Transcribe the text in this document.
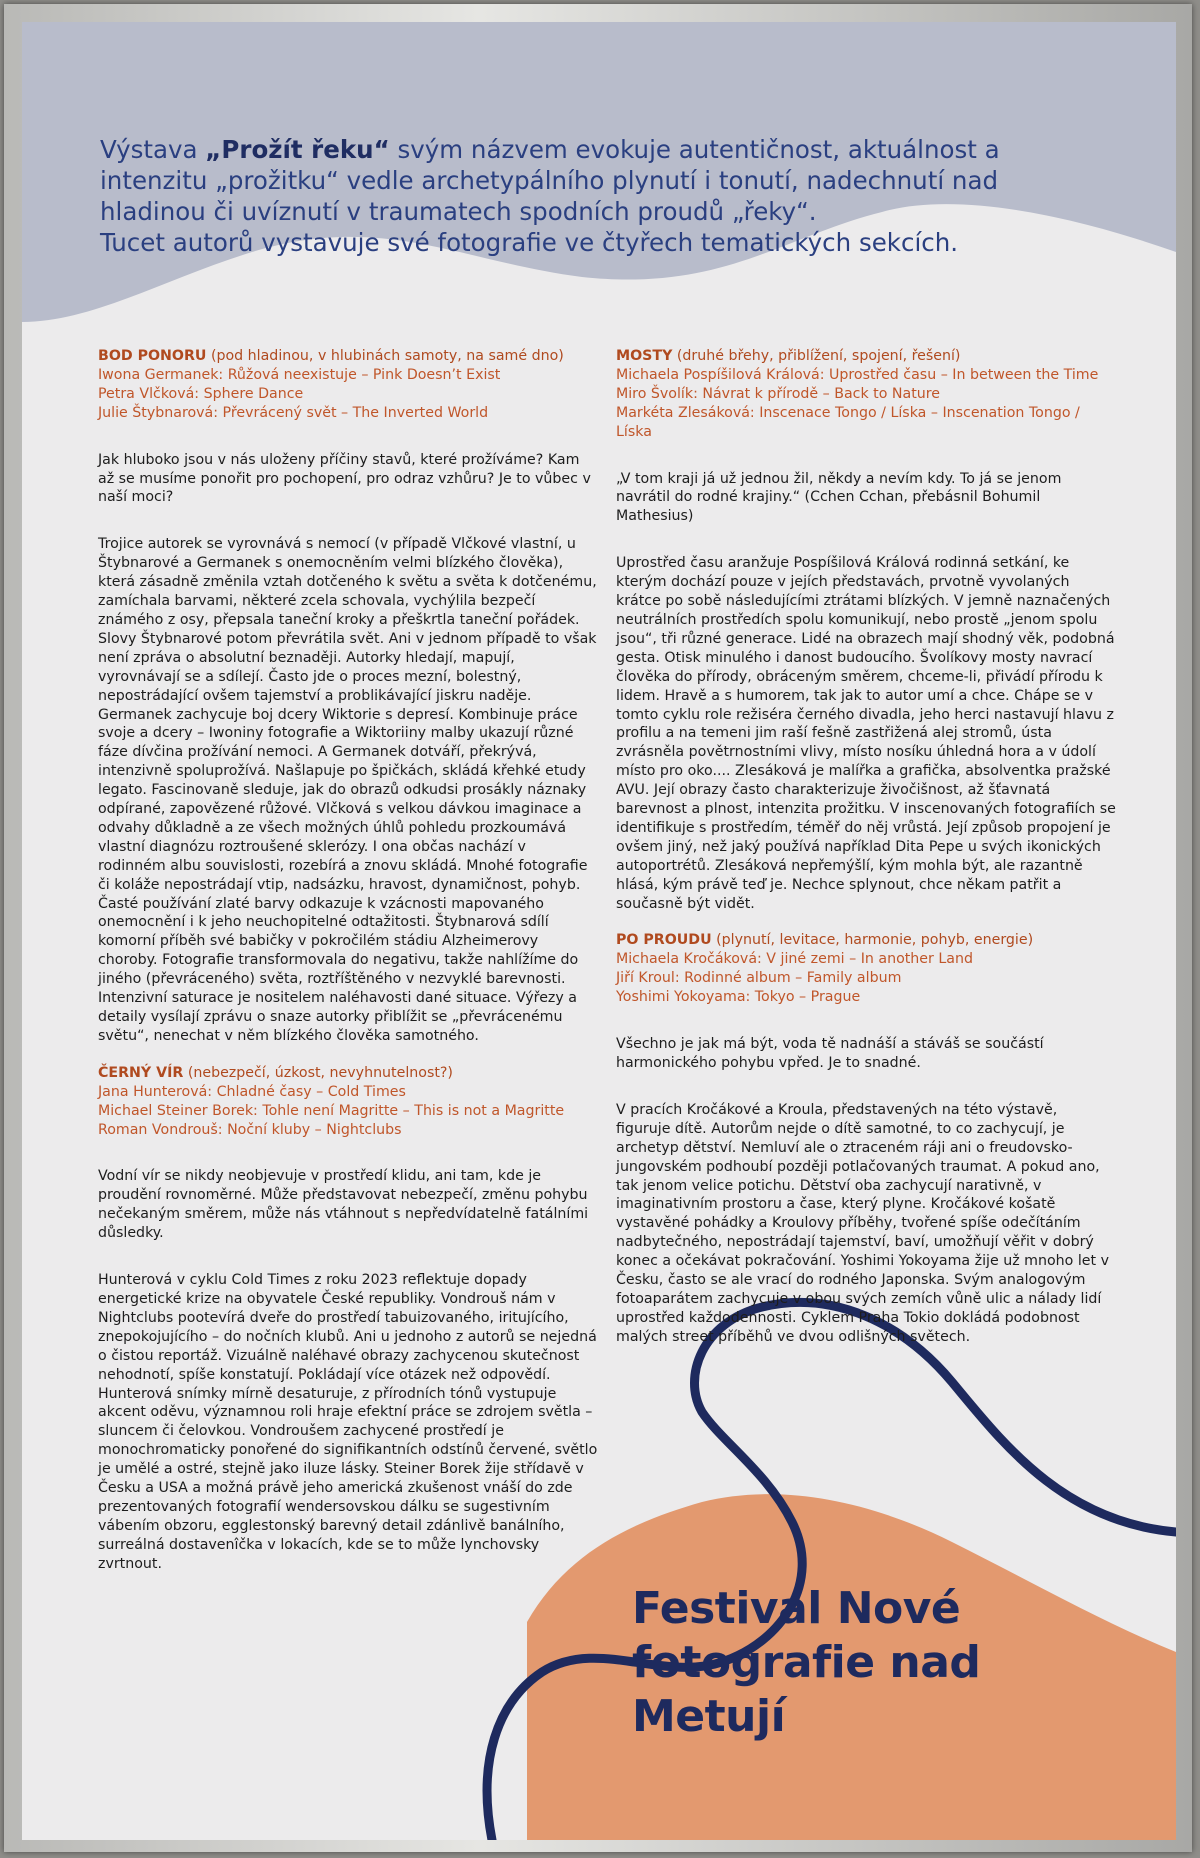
Výstava „Prožít řeku“ svým názvem evokuje autentičnost, aktuálnost a intenzitu „prožitku“ vedle archetypálního plynutí i tonutí, nadechnutí nad hladinou či uvíznutí v traumatech spodních proudů „řeky“.

Tucet autorů vystavuje své fotografie ve čtyřech tematických sekcích.

BOD PONORU (pod hladinou, v hlubinách samoty, na samé dno)

Iwona Germanek: Růžová neexistuje – Pink Doesn’t Exist

Petra Vlčková: Sphere Dance

Julie Štybnarová: Převrácený svět – The Inverted World

Jak hluboko jsou v nás uloženy příčiny stavů, které prožíváme? Kam až se musíme ponořit pro pochopení, pro odraz vzhůru? Je to vůbec v naší moci?

Trojice autorek se vyrovnává s nemocí (v případě Vlčkové vlastní, u Štybnarové a Germanek s onemocněním velmi blízkého člověka), která zásadně změnila vztah dotčeného k světu a světa k dotčenému, zamíchala barvami, některé zcela schovala, vychýlila bezpečí známého z osy, přepsala taneční kroky a přeškrtla taneční pořádek. Slovy Štybnarové potom převrátila svět. Ani v jednom případě to však není zpráva o absolutní beznaději. Autorky hledají, mapují, vyrovnávají se a sdílejí. Často jde o proces mezní, bolestný, nepostrádající ovšem tajemství a problikávající jiskru naděje. Germanek zachycuje boj dcery Wiktorie s depresí. Kombinuje práce svoje a dcery – Iwoniny fotografie a Wiktoriiny malby ukazují různé fáze dívčina prožívání nemoci. A Germanek dotváří, překrývá, intenzivně spoluprožívá. Našlapuje po špičkách, skládá křehké etudy legato. Fascinovaně sleduje, jak do obrazů odkudsi prosákly náznaky odpírané, zapovězené růžové. Vlčková s velkou dávkou imaginace a odvahy důkladně a ze všech možných úhlů pohledu prozkoumává vlastní diagnózu roztroušené sklerózy. I ona občas nachází v rodinném albu souvislosti, rozebírá a znovu skládá. Mnohé fotografie či koláže nepostrádají vtip, nadsázku, hravost, dynamičnost, pohyb. Časté používání zlaté barvy odkazuje k vzácnosti mapovaného onemocnění i k jeho neuchopitelné odtažitosti. Štybnarová sdílí komorní příběh své babičky v pokročilém stádiu Alzheimerovy choroby. Fotografie transformovala do negativu, takže nahlížíme do jiného (převráceného) světa, roztříštěného v nezvyklé barevnosti. Intenzivní saturace je nositelem naléhavosti dané situace. Výřezy a detaily vysílají zprávu o snaze autorky přiblížit se „převrácenému světu“, nenechat v něm blízkého člověka samotného.

ČERNÝ VÍR (nebezpečí, úzkost, nevyhnutelnost?)

Jana Hunterová: Chladné časy – Cold Times

Michael Steiner Borek: Tohle není Magritte – This is not a Magritte

Roman Vondrouš: Noční kluby – Nightclubs

Vodní vír se nikdy neobjevuje v prostředí klidu, ani tam, kde je proudění rovnoměrné. Může představovat nebezpečí, změnu pohybu nečekaným směrem, může nás vtáhnout s nepředvídatelně fatálními důsledky.

Hunterová v cyklu Cold Times z roku 2023 reflektuje dopady energetické krize na obyvatele České republiky. Vondrouš nám v Nightclubs pootevírá dveře do prostředí tabuizovaného, iritujícího, znepokojujícího – do nočních klubů. Ani u jednoho z autorů se nejedná o čistou reportáž. Vizuálně naléhavé obrazy zachycenou skutečnost nehodnotí, spíše konstatují. Pokládají více otázek než odpovědí. Hunterová snímky mírně desaturuje, z přírodních tónů vystupuje akcent oděvu, významnou roli hraje efektní práce se zdrojem světla – sluncem či čelovkou. Vondroušem zachycené prostředí je monochromaticky ponořené do signifikantních odstínů červené, světlo je umělé a ostré, stejně jako iluze lásky. Steiner Borek žije střídavě v Česku a USA a možná právě jeho americká zkušenost vnáší do zde prezentovaných fotografií wendersovskou dálku se sugestivním vábením obzoru, egglestonský barevný detail zdánlivě banálního, surreálná dostavenîčka v lokacích, kde se to může lynchovsky zvrtnout.

MOSTY (druhé břehy, přiblížení, spojení, řešení)

Michaela Pospíšilová Králová: Uprostřed času – In between the Time

Miro Švolík: Návrat k přírodě – Back to Nature

Markéta Zlesáková: Inscenace Tongo / Líska – Inscenation Tongo / Líska

„V tom kraji já už jednou žil, někdy a nevím kdy. To já se jenom navrátil do rodné krajiny.“ (Cchen Cchan, přebásnil Bohumil Mathesius)

Uprostřed času aranžuje Pospíšilová Králová rodinná setkání, ke kterým dochází pouze v jejích představách, prvotně vyvolaných krátce po sobě následujícími ztrátami blízkých. V jemně naznačených neutrálních prostředích spolu komunikují, nebo prostě „jenom spolu jsou“, tři různé generace. Lidé na obrazech mají shodný věk, podobná gesta. Otisk minulého i danost budoucího. Švolíkovy mosty navrací člověka do přírody, obráceným směrem, chceme-li, přivádí přírodu k lidem. Hravě a s humorem, tak jak to autor umí a chce. Chápe se v tomto cyklu role režiséra černého divadla, jeho herci nastavují hlavu z profilu a na temeni jim raší fešně zastřižená alej stromů, ústa zvrásněla povětrnostními vlivy, místo nosíku úhledná hora a v údolí místo pro oko.... Zlesáková je malířka a grafička, absolventka pražské AVU. Její obrazy často charakterizuje živočišnost, až šťavnatá barevnost a plnost, intenzita prožitku. V inscenovaných fotografiích se identifikuje s prostředím, téměř do něj vrůstá. Její způsob propojení je ovšem jiný, než jaký používá například Dita Pepe u svých ikonických autoportrétů. Zlesáková nepřemýšlí, kým mohla být, ale razantně hlásá, kým právě teď je. Nechce splynout, chce někam patřit a současně být vidět.

PO PROUDU (plynutí, levitace, harmonie, pohyb, energie)

Michaela Kročáková: V jiné zemi – In another Land

Jiří Kroul: Rodinné album – Family album

Yoshimi Yokoyama: Tokyo – Prague

Všechno je jak má být, voda tě nadnáší a stáváš se součástí harmonického pohybu vpřed. Je to snadné.

V pracích Kročákové a Kroula, představených na této výstavě, figuruje dítě. Autorům nejde o dítě samotné, to co zachycují, je archetyp dětství. Nemluví ale o ztraceném ráji ani o freudovsko-jungovském podhoubí později potlačovaných traumat. A pokud ano, tak jenom velice potichu. Dětství oba zachycují narativně, v imaginativním prostoru a čase, který plyne. Kročákové košatě vystavěné pohádky a Kroulovy příběhy, tvořené spíše odečítáním nadbytečného, nepostrádají tajemství, baví, umožňují věřit v dobrý konec a očekávat pokračování. Yoshimi Yokoyama žije už mnoho let v Česku, často se ale vrací do rodného Japonska. Svým analogovým fotoaparátem zachycuje v obou svých zemích vůně ulic a nálady lidí uprostřed každodennosti. Cyklem Praha Tokio dokládá podobnost malých street příběhů ve dvou odlišných světech.

Festival Nové fotografie nad Metují
